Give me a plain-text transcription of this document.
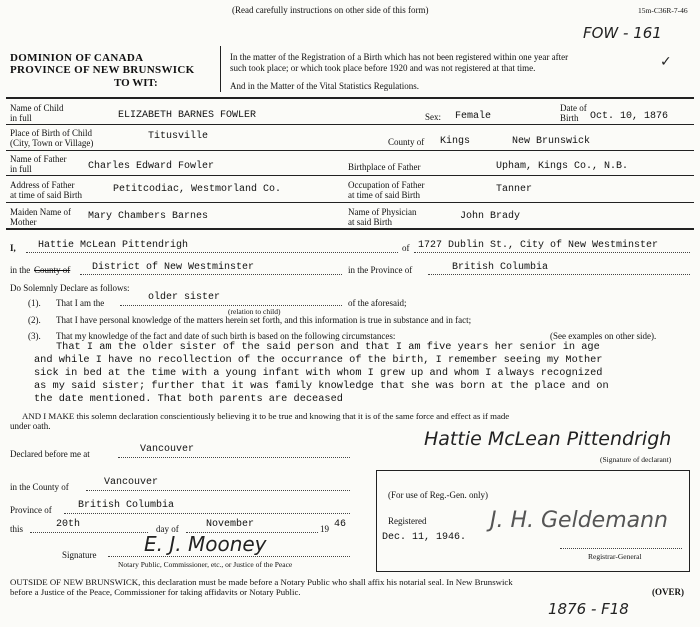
(Read carefully instructions on other side of this form)	15m-C36R-7-46
FOW - 161
DOMINION OF CANADA
PROVINCE OF NEW BRUNSWICK
TO WIT:
In the matter of the Registration of a Birth which has not been registered within one year after
such took place; or which took place before 1920 and was not registered at that time.
And in the Matter of the Vital Statistics Regulations.
✓
Name of Child
in full	ELIZABETH BARNES FOWLER	Sex: Female
Date of
Birth Oct. 10, 1876
Place of Birth of Child
(City, Town or Village)
Titusville	County of Kings	New Brunswick
Name of Father
in full	Charles Edward Fowler	Birthplace of Father	Upham, Kings Co., N.B.
Address of Father
at time of said Birth	Petitcodiac, Westmorland Co.	Occupation of Father
at time of said Birth	Tanner
Maiden Name of
Mother	Mary Chambers Barnes	Name of Physician
at said Birth	John Brady
I, Hattie McLean Pittendrigh	of 1727 Dublin St., City of New Westminster
in the County of District of New Westminster	in the Province of	British Columbia
Do Solemnly Declare as follows:
(1). That I am the	older sister	of the aforesaid;
(relation to child)
(2). That I have personal knowledge of the matters herein set forth, and this information is true in substance and in fact;
(3). That my knowledge of the fact and date of such birth is based on the following circumstances:	(See examples on other side).
That I am the older sister of the said person and that I am five years her senior in age
and while I have no recollection of the occurrance of the birth, I remember seeing my Mother
sick in bed at the time with a young infant with whom I grew up and whom I always recognized
as my said sister; further that it was family knowledge that she was born at the place and on
the date mentioned. That both parents are deceased
AND I MAKE this solemn declaration conscientiously believing it to be true and knowing that it is of the same force and effect as if made
under oath.
Hattie McLean Pittendrigh
(Signature of declarant)
Declared before me at	Vancouver
in the County of	Vancouver
Province of	British Columbia
this	20th	day of	November	19 46
Signature E. J. Mooney
Notary Public, Commissioner, etc., or Justice of the Peace
(For use of Reg.-Gen. only)
Registered
Dec. 11, 1946.
J. H. Geldemann
Registrar-General
OUTSIDE OF NEW BRUNSWICK, this declaration must be made before a Notary Public who shall affix his notarial seal. In New Brunswick
before a Justice of the Peace, Commissioner for taking affidavits or Notary Public.	(OVER)
1876 - F18
